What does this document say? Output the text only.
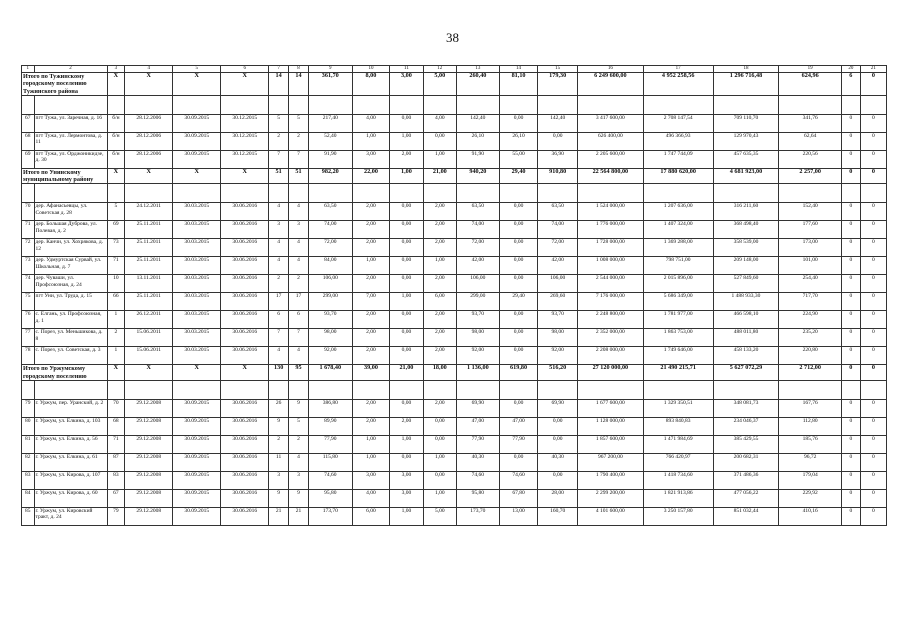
38
1	2	3	4	5	6	7	8	9	10	11	12	13	14	15	16	17	18	19	20	21
Итого по Тужинскому городскому поселению Тужинского района		X	X	X	X	14	14	361,70	8,00	3,00	5,00	260,40	81,10	179,30	6 249 600,00	4 952 258,56	1 296 716,48	624,96	6	0

67	пгт Тужа, ул. Заречная, д. 16	б/н	28.12.2006	30.09.2015	30.12.2015	5	5	217,40	4,00	0,00	4,00	142,40	0,00	142,40	3 417 600,00	2 708 147,54	709 110,70	341,76	0	0
68	пгт Тужа, ул. Лермонтова, д. 11	б/н	28.12.2006	30.09.2015	30.12.2015	2	2	52,40	1,00	1,00	0,00	26,10	26,10	0,00	626 400,00	496 366,93	129 970,43	62,64	0	0
69	пгт Тужа, ул. Орджоникидзе, д. 30	б/н	28.12.2006	30.09.2015	30.12.2015	7	7	91,90	3,00	2,00	1,00	91,90	55,00	36,90	2 205 600,00	1 747 744,09	457 635,35	220,56	0	0
Итого по Унинскому муниципальному району		X	X	X	X	51	51	982,20	22,00	1,00	21,00	940,20	29,40	910,80	22 564 800,00	17 880 620,00	4 681 923,00	2 257,00	0	0

70	дер. Афанасьевцы, ул. Советская д. 28	5	24.12.2011	30.03.2015	30.06.2016	4	4	63,50	2,00	0,00	2,00	63,50	0,00	63,50	1 524 000,00	1 207 636,00	316 211,60	152,40	0	0
71	дер. Большая Дуброва, ул. Полевая, д. 2	69	25.11.2011	30.03.2015	30.06.2016	3	3	74,00	2,00	0,00	2,00	74,00	0,00	74,00	1 776 000,00	1 407 324,00	368 498,40	177,60	0	0
72	дер. Канчи, ул. Хохрякова, д. 12	73	25.11.2011	30.03.2015	30.06.2016	4	4	72,00	2,00	0,00	2,00	72,00	0,00	72,00	1 728 000,00	1 369 288,00	358 539,00	173,00	0	0
73	дер. Удмуртская Сурвай, ул. Школьная, д. 7	71	25.11.2011	30.03.2015	30.06.2016	4	4	84,00	1,00	0,00	1,00	42,00	0,00	42,00	1 008 000,00	798 751,00	209 148,00	101,00	0	0
74	дер. Чуваши, ул. Профсоюзная, д. 24	10	13.11.2011	30.03.2015	30.06.2016	2	2	106,00	2,00	0,00	2,00	106,00	0,00	106,00	2 544 000,00	2 015 896,00	527 849,60	254,40	0	0
75	пгт Уни, ул. Труда, д. 15	66	25.11.2011	30.03.2015	30.06.2016	17	17	299,00	7,00	1,00	6,00	299,00	29,40	269,60	7 176 000,00	5 686 349,00	1 488 933,30	717,70	0	0
76	с. Елгань, ул. Профсоюзная, д. 1	1	26.12.2011	30.03.2015	30.06.2016	6	6	93,70	2,00	0,00	2,00	93,70	0,00	93,70	2 248 800,00	1 781 977,00	466 598,10	224,90	0	0
77	с. Порез, ул. Меньшикова, д. 8	2	15.06.2011	30.03.2015	30.06.2016	7	7	98,00	2,00	0,00	2,00	98,00	0,00	98,00	2 352 000,00	1 863 753,00	488 011,80	235,20	0	0
78	с. Порез, ул. Советская, д. 3	1	15.06.2011	30.03.2015	30.06.2016	4	4	92,00	2,00	0,00	2,00	92,00	0,00	92,00	2 208 000,00	1 749 646,00	458 133,20	220,80	0	0
Итого по Уржумскому городскому поселению		X	X	X	X	130	95	1 678,40	39,00	21,00	18,00	1 136,00	619,80	516,20	27 120 000,00	21 490 215,71	5 627 072,29	2 712,00	0	0

79	г. Уржум, пер. Уранский, д. 2	70	29.12.2008	30.09.2015	30.06.2016	26	9	386,80	2,00	0,00	2,00	69,90	0,00	69,90	1 677 600,00	1 329 350,51	348 081,73	167,76	0	0
80	г. Уржум, ул. Елкина, д. 103	68	29.12.2008	30.09.2015	30.06.2016	9	5	89,90	2,00	2,00	0,00	47,00	47,00	0,00	1 128 000,00	893 840,83	234 046,37	112,80	0	0
81	г. Уржум, ул. Елкина, д. 56	71	29.12.2008	30.09.2015	30.06.2016	2	2	77,90	1,00	1,00	0,00	77,90	77,90	0,00	1 857 600,00	1 471 984,69	385 429,55	185,76	0	0
82	г. Уржум, ул. Елкина, д. 61	87	29.12.2008	30.09.2015	30.06.2016	11	4	115,80	1,00	0,00	1,00	40,30	0,00	40,30	967 200,00	766 420,97	200 682,31	96,72	0	0
83	г. Уржум, ул. Кирова, д. 107	83	29.12.2008	30.09.2015	30.06.2016	3	3	74,60	3,00	3,00	0,00	74,60	74,60	0,00	1 790 400,00	1 418 734,60	371 486,36	179,04	0	0
84	г. Уржум, ул. Кирова, д. 60	67	29.12.2008	30.09.2015	30.06.2016	9	9	95,80	4,00	3,00	1,00	95,80	67,80	28,00	2 299 200,00	1 821 913,86	477 056,22	229,92	0	0
85	г. Уржум, ул. Кировский тракт, д. 24	79	29.12.2008	30.09.2015	30.06.2016	21	21	173,70	6,00	1,00	5,00	173,70	13,00	160,70	4 101 600,00	3 250 157,80	851 032,44	410,16	0	0
